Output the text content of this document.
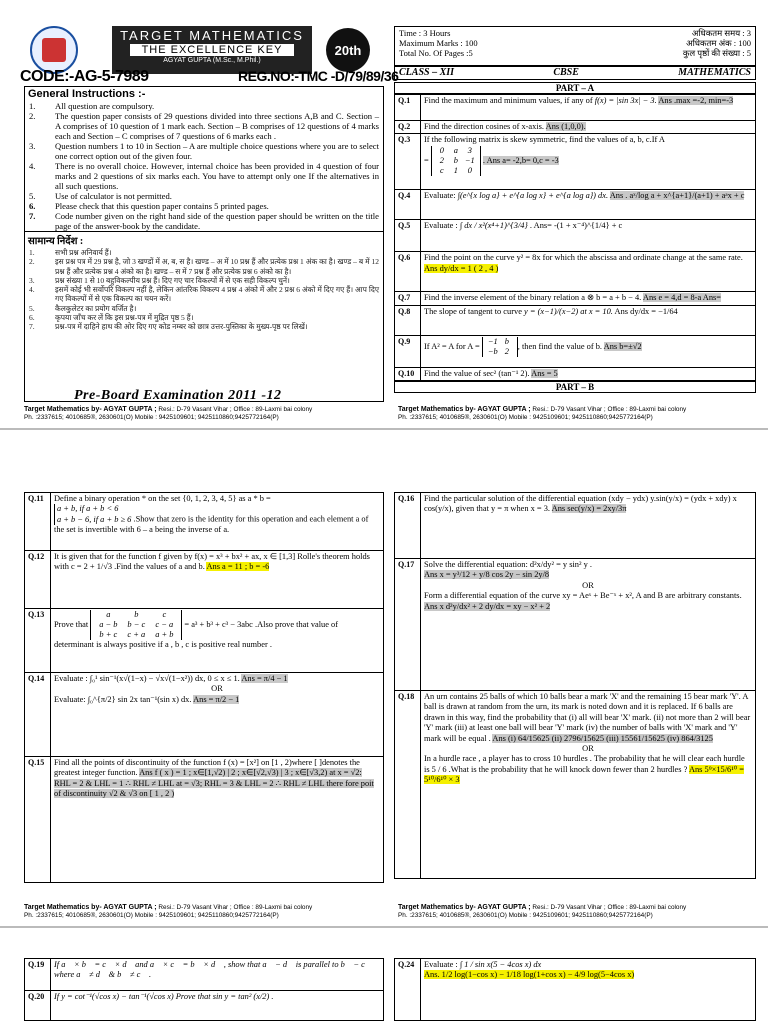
TARGET MATHEMATICS
THE EXCELLENCE KEY
AGYAT GUPTA (M.Sc., M.Phil.)
20th
CODE:-AG-5-7989	REG.NO:-TMC -D/79/89/36
General Instructions :-
1.	All question are compulsory.
2.	The question paper consists of 29 questions divided into three sections A,B and C. Section – A comprises of 10 question of 1 mark each. Section – B comprises of 12 questions of 4 marks each and Section – C comprises of 7 questions of 6 marks each .
3.	Question numbers 1 to 10 in Section – A are multiple choice questions where you are to select one correct option out of the given four.
4.	There is no overall choice. However, internal choice has been provided in 4 question of four marks and 2 questions of six marks each. You have to attempt only one If the alternatives in all such questions.
5.	Use of calculator is not permitted.
6.	Please check that this question paper contains 5 printed pages.
7.	Code number given on the right hand side of the question paper should be written on the title page of the answer-book by the candidate.
सामान्य निर्देश :
1.	सभी प्रश्न अनिवार्य हैं।
2.	इस प्रश्न पत्र में 29 प्रश्न है, जो 3 खण्डों में अ, ब, स है। खण्ड – अ में 10 प्रश्न हैं और प्रत्येक प्रश्न 1 अंक का है। खण्ड – ब में 12 प्रश्न हैं और प्रत्येक प्रश्न 4 अंको का है। खण्ड – स में 7 प्रश्न हैं और प्रत्येक प्रश्न 6 अंको का है।
3.	प्रश्न संख्या 1 से 10 बहुविकल्पीय प्रश्न हैं। दिए गए चार विकल्पों में से एक सही विकल्प चुनें।
4.	इसमें कोई भी सर्वोपरि विकल्प नहीं है, लेकिन आंतरिक विकल्प 4 प्रश्न 4 अंको में और 2 प्रश्न 6 अंको में दिए गए हैं। आप दिए गए विकल्पों में से एक विकल्प का चयन करें।
5.	कैलकुलेटर का प्रयोग वर्जित है।
6.	कृपया जाँच कर लें कि इस प्रश्न-पत्र में मुद्रित पृष्ठ 5 हैं।
7.	प्रश्न-पत्र में दाहिने हाथ की ओर दिए गए कोड नम्बर को छात्र उत्तर-पुस्तिका के मुख्य-पृष्ठ पर लिखें।
Pre-Board Examination 2011 -12
Time : 3 Hours	अधिकतम समय : 3
Maximum Marks : 100	अधिकतम अंक : 100
Total No. Of Pages :5	कुल पृष्ठों की संख्या : 5
CLASS – XII	CBSE	MATHEMATICS
PART – A
Q.1	Find the maximum and minimum values, if any of f(x) = |sin 3x| − 3. Ans .max =-2, min=-3
Q.2	Find the direction cosines of x-axis. Ans (1,0,0).
Q.3	If the following matrix is skew symmetric, find the values of a, b, c.If A
= 0 a 3
2 b −1
c 1 0 . Ans a= -2,b= 0,c = -3
Q.4	Evaluate: ∫(e^{x log a} + e^{a log x} + e^{a log a}) dx. Ans . aˣ/log a + x^{a+1}/(a+1) + aᵃx + c
Q.5	Evaluate : ∫ dx / x²(x⁴+1)^{3/4} . Ans= -(1 + x⁻⁴)^{1/4} + c
Q.6	Find the point on the curve y² = 8x for which the abscissa and ordinate change at the same rate. Ans dy/dx = 1 ( 2 , 4 )
Q.7	Find the inverse element of the binary relation a ⊗ b = a + b − 4. Ans e = 4,d = 8-a Ans=
Q.8	The slope of tangent to curve y = (x−1)/(x−2) at x = 10. Ans dy/dx = −1/64
Q.9	If A² = A for A = −1 b
−b 2, then find the value of b. Ans b=±√2
Q.10	Find the value of sec² (tan⁻¹ 2). Ans = 5
PART – B
Target Mathematics by- AGYAT GUPTA ; Resi.: D-79 Vasant Vihar ; Office : 89-Laxmi bai colony
Ph. :2337615; 4010685®, 2630601(O) Mobile : 9425109601; 9425110860;9425772164(P)
Target Mathematics by- AGYAT GUPTA ; Resi.: D-79 Vasant Vihar ; Office : 89-Laxmi bai colony
Ph. :2337615; 4010685®, 2630601(O) Mobile : 9425109601; 9425110860;9425772164(P)
Q.11	Define a binary operation * on the set {0, 1, 2, 3, 4, 5} as a * b =
a + b, if a + b < 6
a + b − 6, if a + b ≥ 6 .Show that zero is the identity for this operation and each element a of the set is invertible with 6 – a being the inverse of a.
Q.12	It is given that for the function f given by f(x) = x³ + bx² + ax, x ∈ [1,3] Rolle's theorem holds with c = 2 + 1/√3 .Find the values of a and b. Ans a = 11 ; b = -6
Q.13	Prove that a b c
a − b b − c c − a
b + c c + a a + b = a³ + b³ + c³ − 3abc .Also prove that value of determinant is always positive if a , b , c is positive real number .
Q.14	Evaluate : ∫₀¹ sin⁻¹(x√(1−x) − √x√(1−x²)) dx, 0 ≤ x ≤ 1. Ans = π/4 − 1
OR
Evaluate: ∫₀^{π/2} sin 2x tan⁻¹(sin x) dx. Ans = π/2 − 1
Q.15	Find all the points of discontinuity of the function f (x) = [x²] on [1 , 2)where [ ]denotes the greatest integer function. Ans f ( x ) = 1 ; x∈[1,√2) | 2 ; x∈[√2,√3) | 3 ; x∈[√3,2) at x = √2: RHL = 2 & LHL = 1 ∴ RHL ≠ LHL at = √3; RHL = 3 & LHL = 2 ∴ RHL ≠ LHL there fore poit of discontinuity √2 & √3 on [ 1 , 2 )
Q.16	Find the particular solution of the differential equation (xdy − ydx) y.sin(y/x) = (ydx + xdy) x cos(y/x), given that y = π when x = 3. Ans sec(y/x) = 2xy/3π
Q.17	Solve the differential equation: d²x/dy² = y sin² y .
Ans x = y³/12 + y/8 cos 2y − sin 2y/8
OR
Form a differential equation of the curve xy = Aeˣ + Be⁻ˣ + x², A and B are arbitrary constants. Ans x d²y/dx² + 2 dy/dx = xy − x² + 2
Q.18	An urn contains 25 balls of which 10 balls bear a mark 'X' and the remaining 15 bear mark 'Y'. A ball is drawn at random from the urn, its mark is noted down and it is replaced. If 6 balls are drawn in this way, find the probability that (i) all will bear 'X' mark. (ii) not more than 2 will bear 'Y' mark (iii) at least one ball will bear 'Y' mark (iv) the number of balls with 'X' mark and 'Y' mark will be equal . Ans (i) 64/15625 (ii) 2796/15625 (iii) 15561/15625 (iv) 864/3125
OR
In a hurdle race , a player has to cross 10 hurdles . The probability that he will clear each hurdle is 5 / 6 .What is the probability that he will knock down fewer than 2 hurdles ? Ans 5⁹×15/6¹⁰ = 5¹⁰/6¹⁰ × 3
Target Mathematics by- AGYAT GUPTA ; Resi.: D-79 Vasant Vihar ; Office : 89-Laxmi bai colony
Ph. :2337615; 4010685®, 2630601(O) Mobile : 9425109601; 9425110860;9425772164(P)
Target Mathematics by- AGYAT GUPTA ; Resi.: D-79 Vasant Vihar ; Office : 89-Laxmi bai colony
Ph. :2337615; 4010685®, 2630601(O) Mobile : 9425109601; 9425110860;9425772164(P)
Q.19	If a⃗ × b⃗ = c⃗ × d⃗ and a⃗ × c⃗ = b⃗ × d⃗ , show that a⃗ − d⃗ is parallel to b⃗ − c⃗ where a⃗ ≠ d⃗ & b⃗ ≠ c⃗ .
Q.20	If y = cot⁻¹(√cos x) − tan⁻¹(√cos x) Prove that sin y = tan² (x/2) .
Q.24	Evaluate : ∫ 1 / sin x(5 − 4cos x) dx
Ans. 1/2 log(1−cos x) − 1/18 log(1+cos x) − 4/9 log(5−4cos x)
